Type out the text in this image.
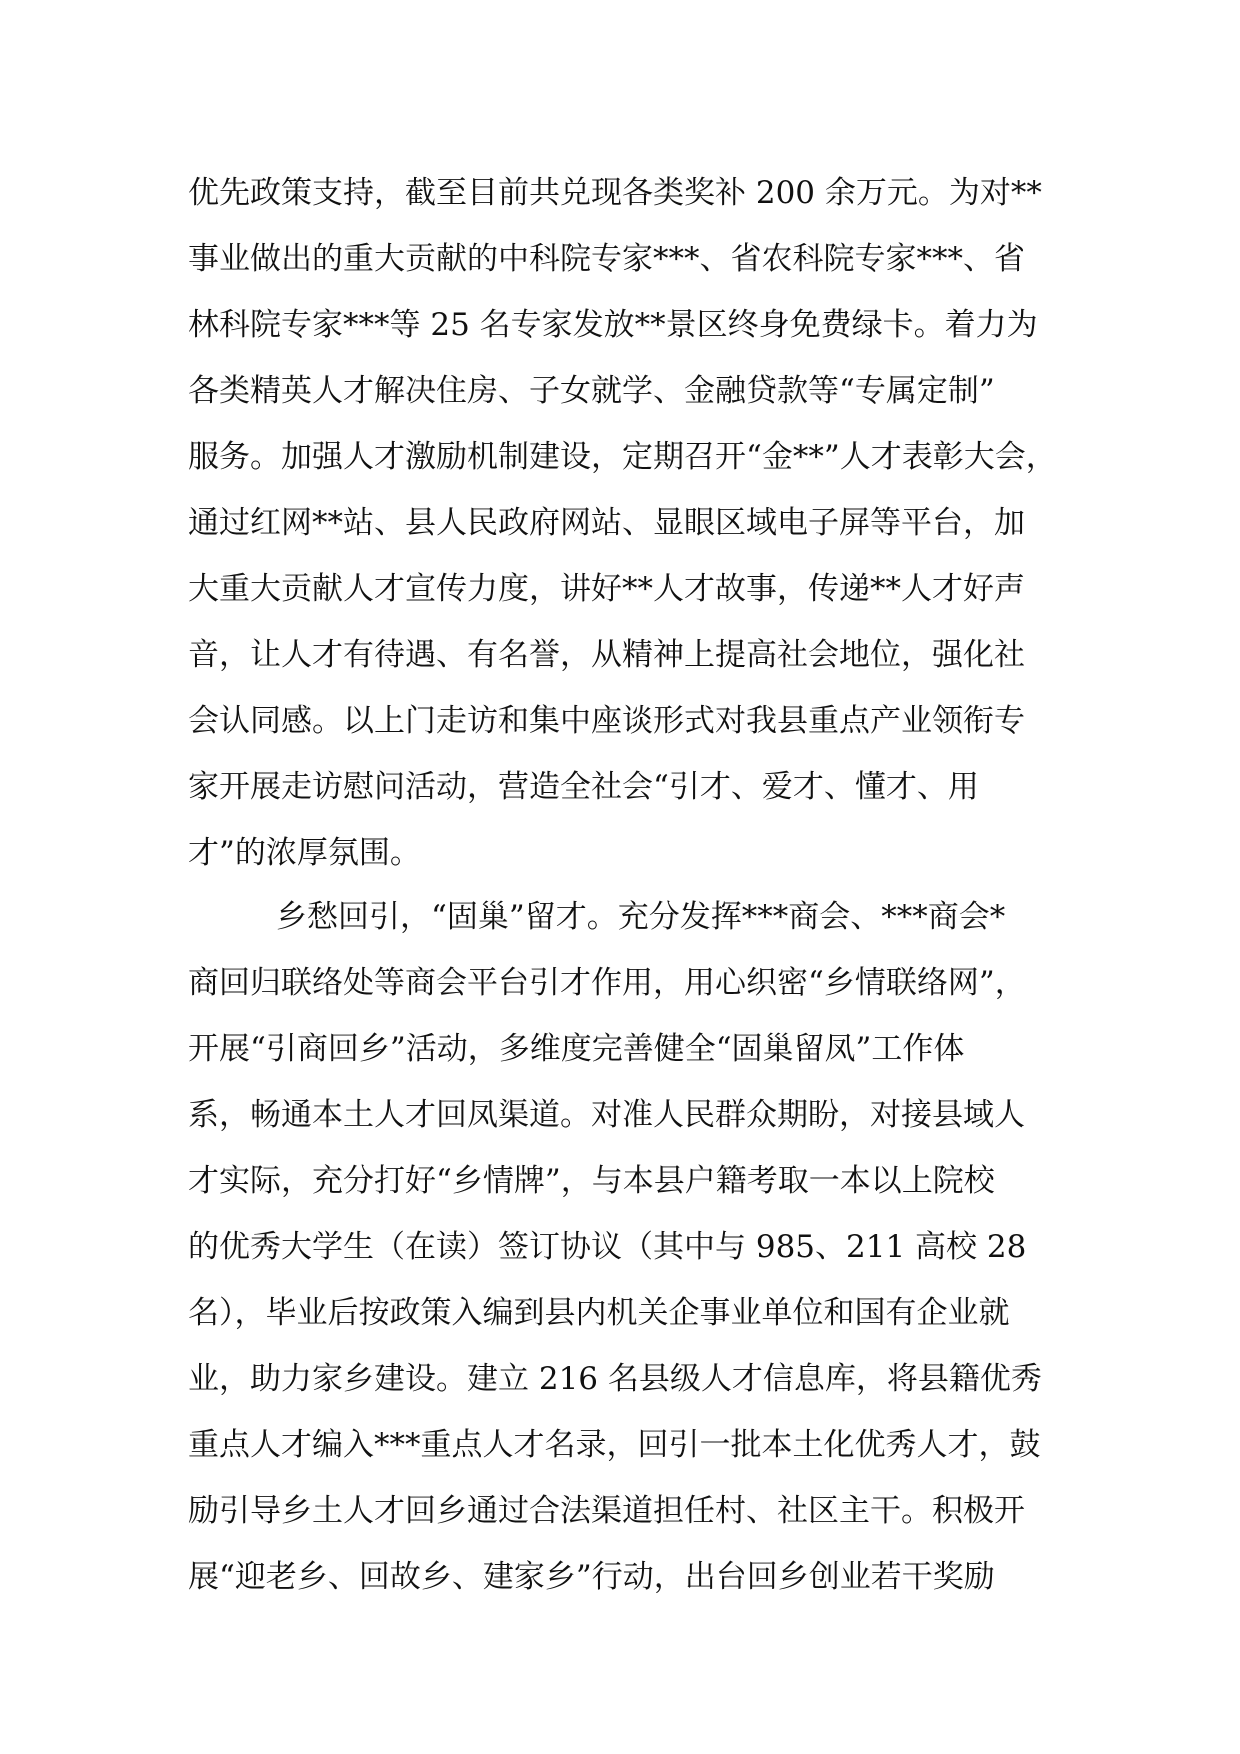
优先政策支持，截至目前共兑现各类奖补 200 余万元。为对**
事业做出的重大贡献的中科院专家***、省农科院专家***、省
林科院专家***等 25 名专家发放**景区终身免费绿卡。着力为
各类精英人才解决住房、子女就学、金融贷款等“专属定制”
服务。加强人才激励机制建设，定期召开“金**”人才表彰大会，
通过红网**站、县人民政府网站、显眼区域电子屏等平台，加
大重大贡献人才宣传力度，讲好**人才故事，传递**人才好声
音，让人才有待遇、有名誉，从精神上提高社会地位，强化社
会认同感。以上门走访和集中座谈形式对我县重点产业领衔专
家开展走访慰问活动，营造全社会“引才、爱才、懂才、用
才”的浓厚氛围。
乡愁回引，“固巢”留才。充分发挥***商会、***商会*
商回归联络处等商会平台引才作用，用心织密“乡情联络网”，
开展“引商回乡”活动，多维度完善健全“固巢留凤”工作体
系，畅通本土人才回凤渠道。对准人民群众期盼，对接县域人
才实际，充分打好“乡情牌”，与本县户籍考取一本以上院校
的优秀大学生（在读）签订协议（其中与 985、211 高校 28
名），毕业后按政策入编到县内机关企事业单位和国有企业就
业，助力家乡建设。建立 216 名县级人才信息库，将县籍优秀
重点人才编入***重点人才名录，回引一批本土化优秀人才，鼓
励引导乡土人才回乡通过合法渠道担任村、社区主干。积极开
展“迎老乡、回故乡、建家乡”行动，出台回乡创业若干奖励
